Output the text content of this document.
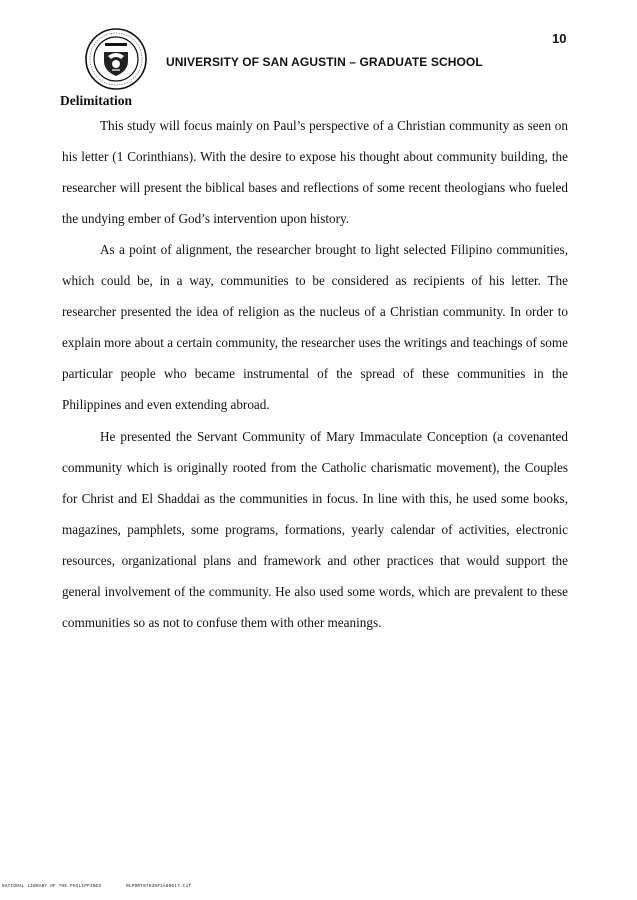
10
UNIVERSITY OF SAN AGUSTIN – GRADUATE SCHOOL
Delimitation

This study will focus mainly on Paul’s perspective of a Christian community as seen on his letter (1 Corinthians). With the desire to expose his thought about community building, the researcher will present the biblical bases and reflections of some recent theologians who fueled the undying ember of God’s intervention upon history.

As a point of alignment, the researcher brought to light selected Filipino communities, which could be, in a way, communities to be considered as recipients of his letter. The researcher presented the idea of religion as the nucleus of a Christian community. In order to explain more about a certain community, the researcher uses the writings and teachings of some particular people who became instrumental of the spread of these communities in the Philippines and even extending abroad.

He presented the Servant Community of Mary Immaculate Conception (a covenanted community which is originally rooted from the Catholic charismatic movement), the Couples for Christ and El Shaddai as the communities in focus. In line with this, he used some books, magazines, pamphlets, some programs, formations, yearly calendar of activities, electronic resources, organizational plans and framework and other practices that would support the general involvement of the community. He also used some words, which are prevalent to these communities so as not to confuse them with other meanings.

NATIONAL LIBRARY OF THE PHILIPPINES	RLPORT07839#1A00017.tif
